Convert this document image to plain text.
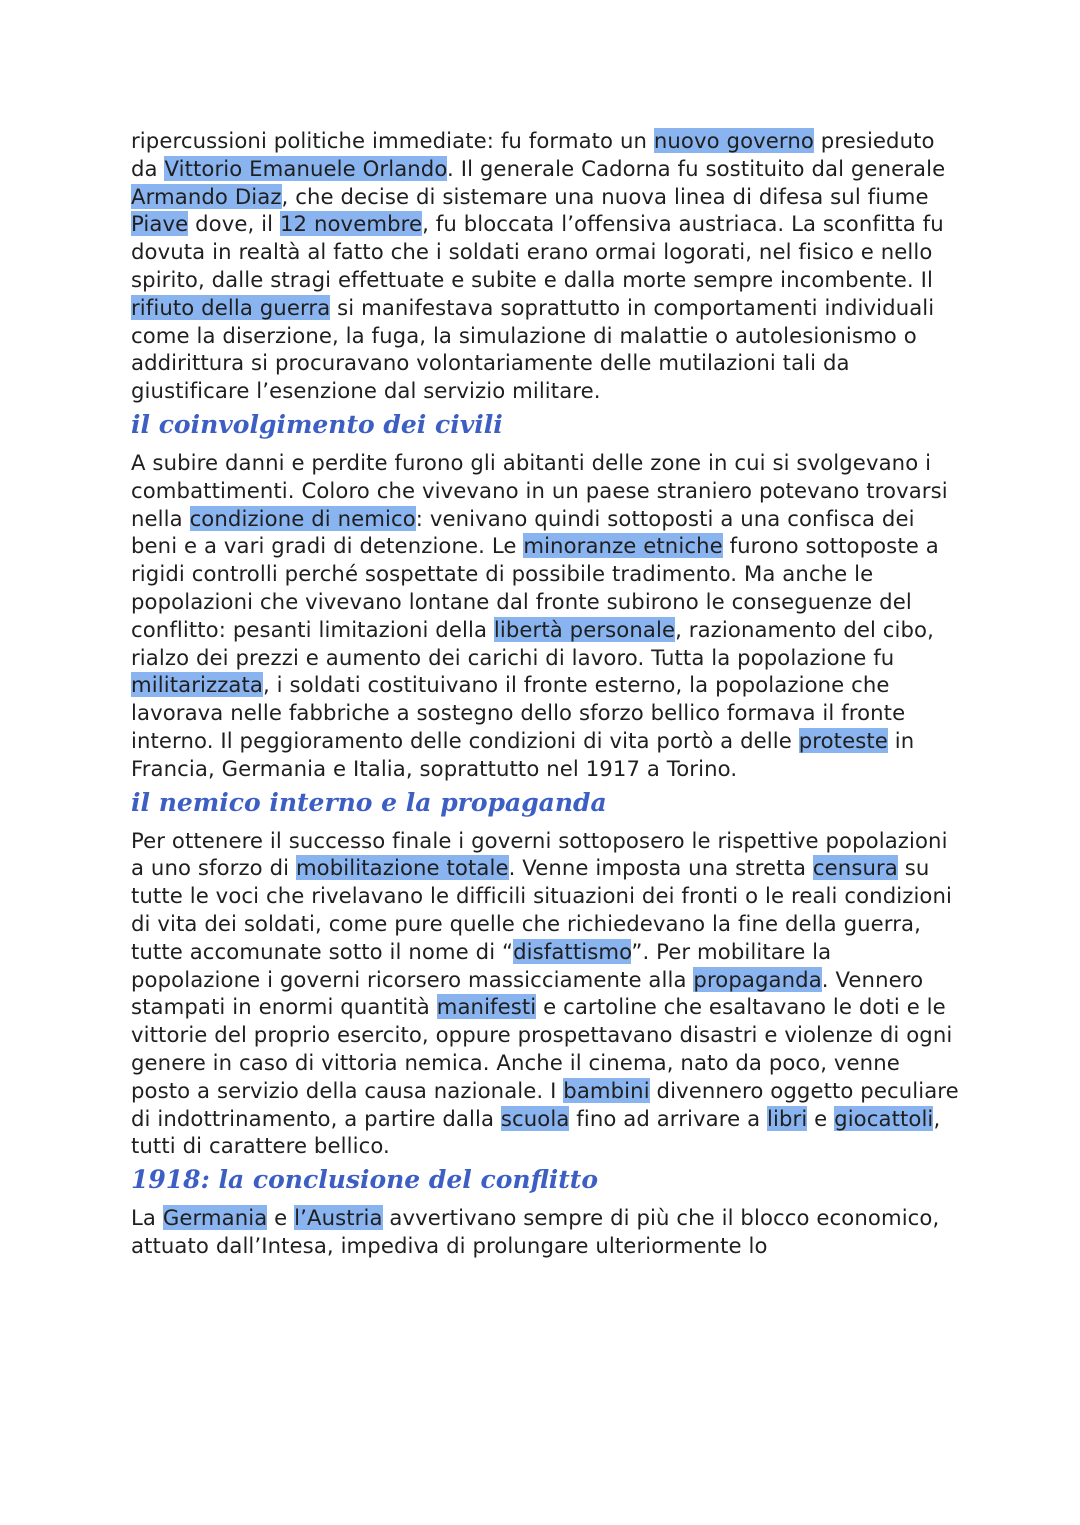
ripercussioni politiche immediate: fu formato un nuovo governo presieduto da Vittorio Emanuele Orlando. Il generale Cadorna fu sostituito dal generale Armando Diaz, che decise di sistemare una nuova linea di difesa sul fiume Piave dove, il 12 novembre, fu bloccata l’offensiva austriaca. La sconfitta fu dovuta in realtà al fatto che i soldati erano ormai logorati, nel fisico e nello spirito, dalle stragi effettuate e subite e dalla morte sempre incombente. Il rifiuto della guerra si manifestava soprattutto in comportamenti individuali come la diserzione, la fuga, la simulazione di malattie o autolesionismo o addirittura si procuravano volontariamente delle mutilazioni tali da giustificare l’esenzione dal servizio militare.

il coinvolgimento dei civili

A subire danni e perdite furono gli abitanti delle zone in cui si svolgevano i combattimenti. Coloro che vivevano in un paese straniero potevano trovarsi nella condizione di nemico: venivano quindi sottoposti a una confisca dei beni e a vari gradi di detenzione. Le minoranze etniche furono sottoposte a rigidi controlli perché sospettate di possibile tradimento. Ma anche le popolazioni che vivevano lontane dal fronte subirono le conseguenze del conflitto: pesanti limitazioni della libertà personale, razionamento del cibo, rialzo dei prezzi e aumento dei carichi di lavoro. Tutta la popolazione fu militarizzata, i soldati costituivano il fronte esterno, la popolazione che lavorava nelle fabbriche a sostegno dello sforzo bellico formava il fronte interno. Il peggioramento delle condizioni di vita portò a delle proteste in Francia, Germania e Italia, soprattutto nel 1917 a Torino.

il nemico interno e la propaganda

Per ottenere il successo finale i governi sottoposero le rispettive popolazioni a uno sforzo di mobilitazione totale. Venne imposta una stretta censura su tutte le voci che rivelavano le difficili situazioni dei fronti o le reali condizioni di vita dei soldati, come pure quelle che richiedevano la fine della guerra, tutte accomunate sotto il nome di “disfattismo”. Per mobilitare la popolazione i governi ricorsero massicciamente alla propaganda. Vennero stampati in enormi quantità manifesti e cartoline che esaltavano le doti e le vittorie del proprio esercito, oppure prospettavano disastri e violenze di ogni genere in caso di vittoria nemica. Anche il cinema, nato da poco, venne posto a servizio della causa nazionale. I bambini divennero oggetto peculiare di indottrinamento, a partire dalla scuola fino ad arrivare a libri e giocattoli, tutti di carattere bellico.

1918: la conclusione del conflitto

La Germania e l’Austria avvertivano sempre di più che il blocco economico, attuato dall’Intesa, impediva di prolungare ulteriormente lo
